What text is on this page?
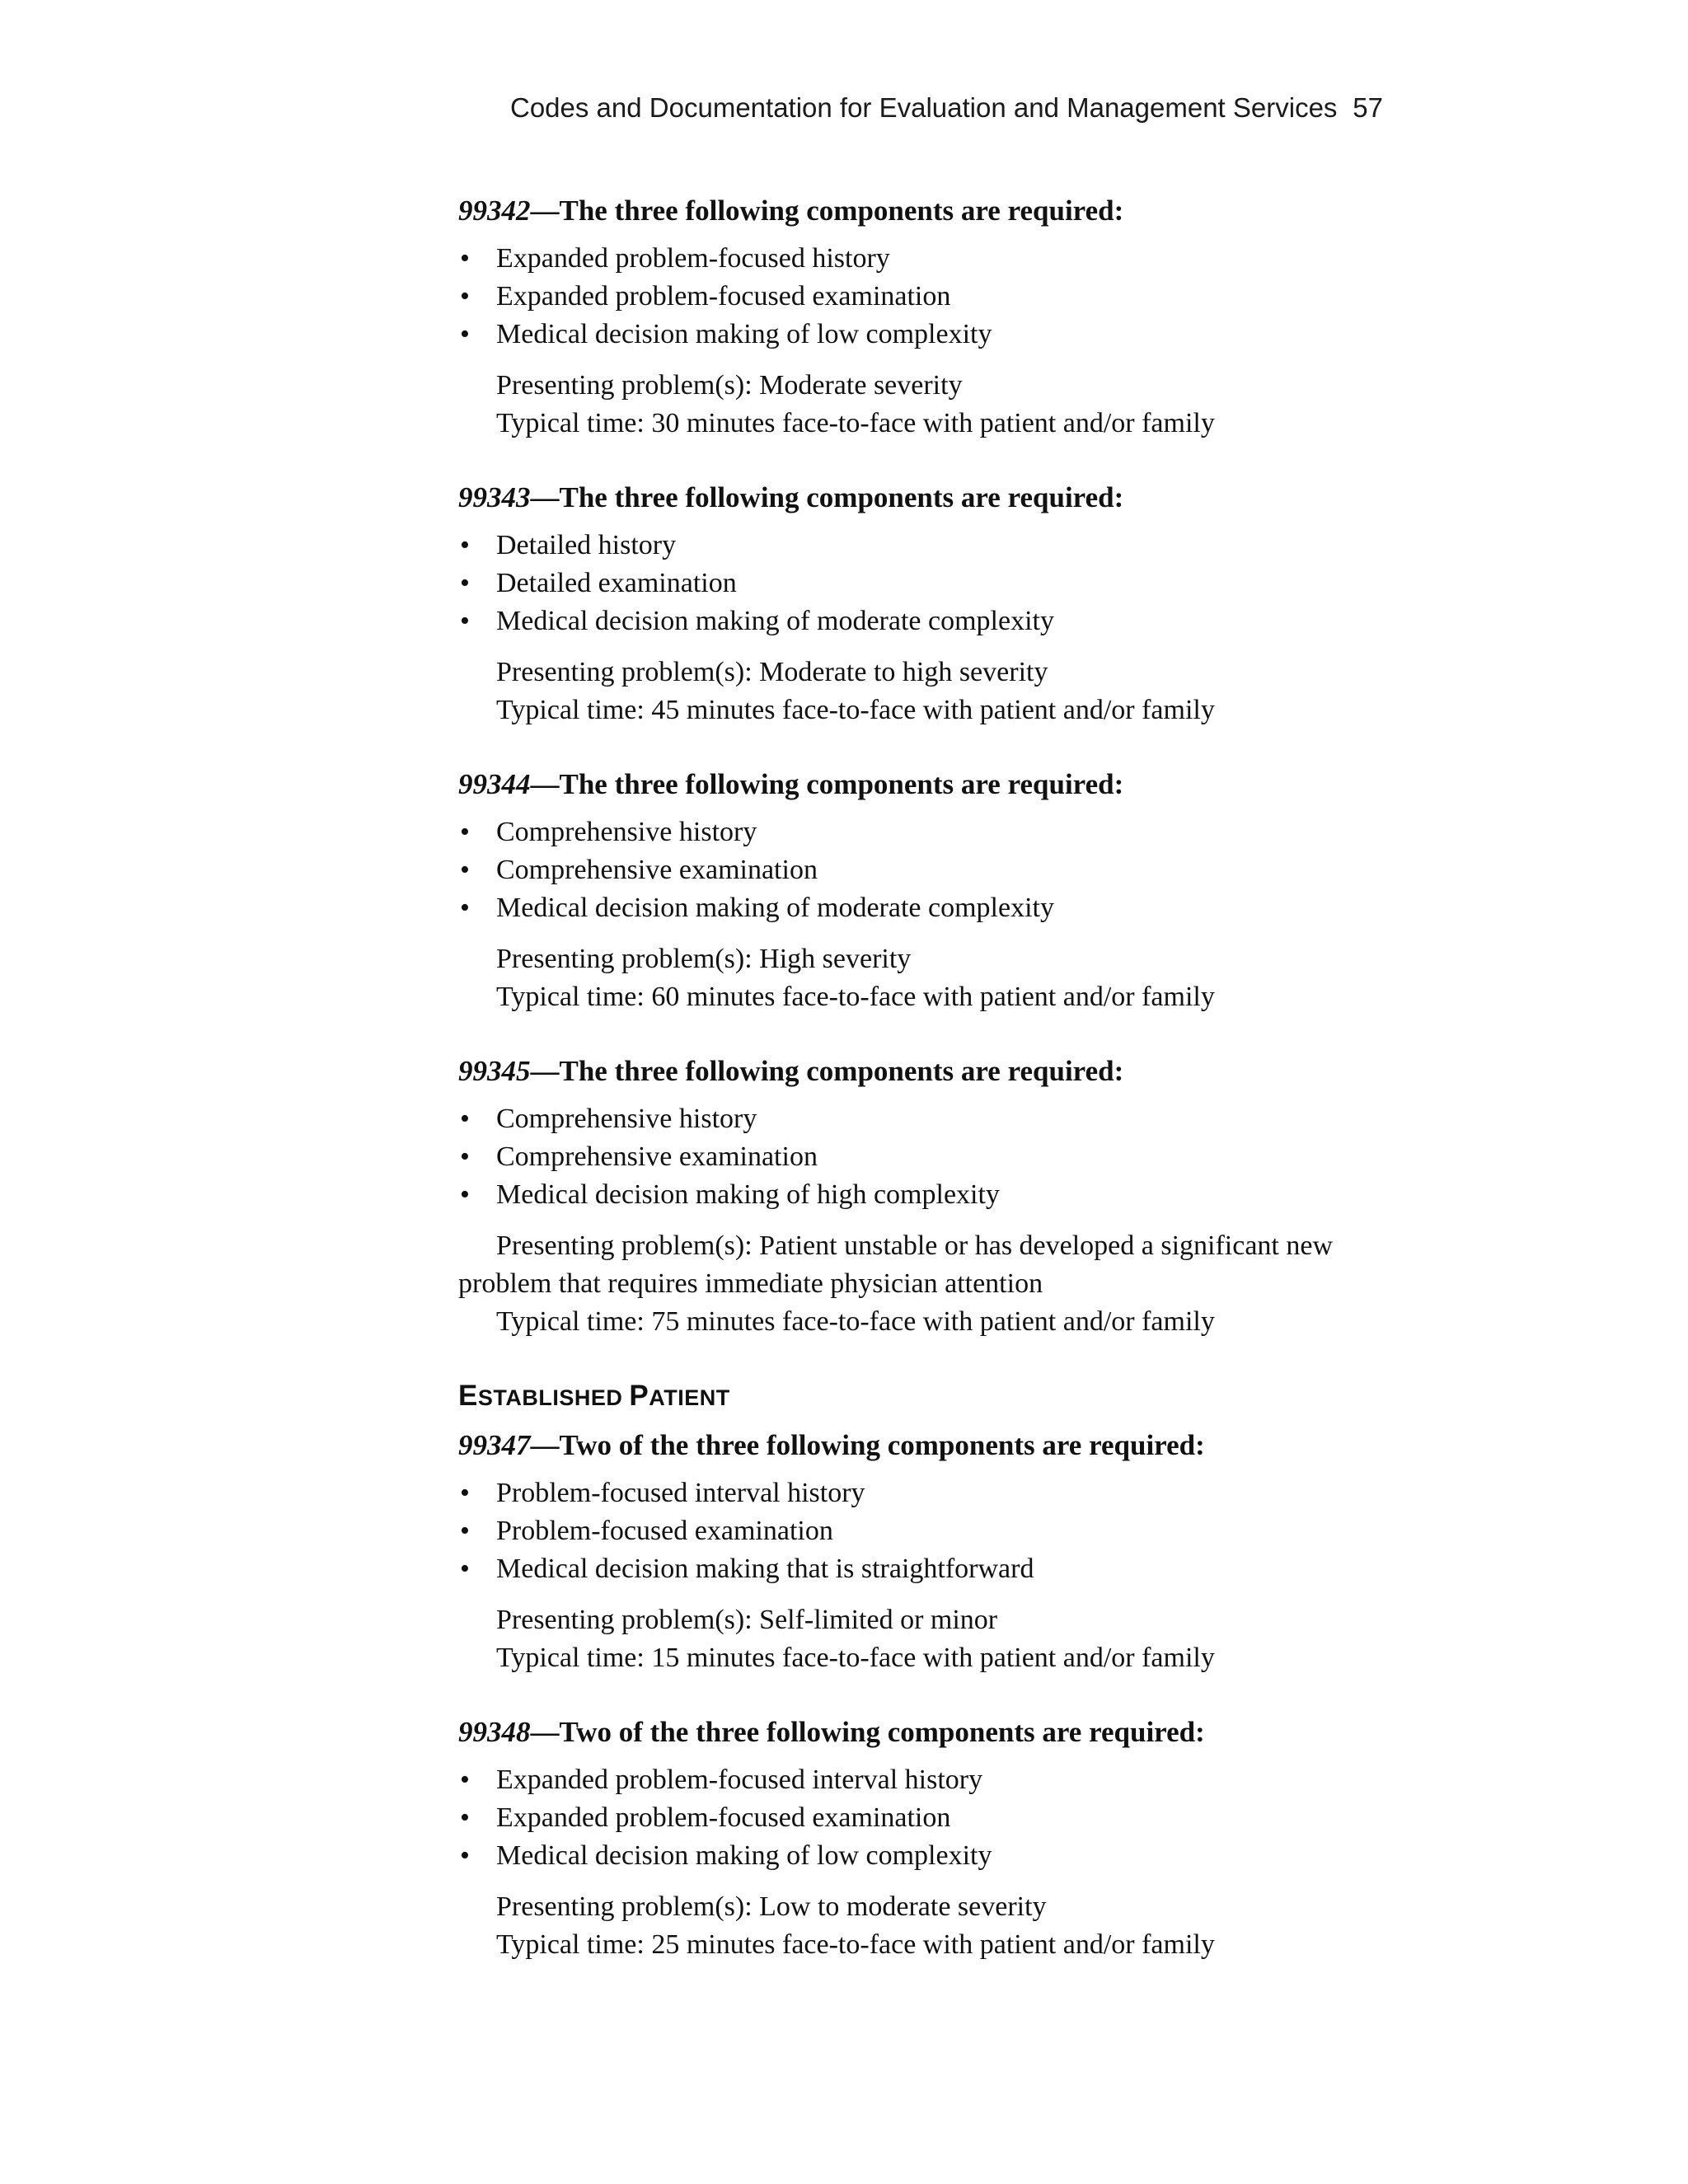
Codes and Documentation for Evaluation and Management Services 57
99342—The three following components are required:
• Expanded problem-focused history
• Expanded problem-focused examination
• Medical decision making of low complexity

Presenting problem(s): Moderate severity

Typical time: 30 minutes face-to-face with patient and/or family

99343—The three following components are required:
• Detailed history
• Detailed examination
• Medical decision making of moderate complexity

Presenting problem(s): Moderate to high severity

Typical time: 45 minutes face-to-face with patient and/or family

99344—The three following components are required:
• Comprehensive history
• Comprehensive examination
• Medical decision making of moderate complexity

Presenting problem(s): High severity

Typical time: 60 minutes face-to-face with patient and/or family

99345—The three following components are required:
• Comprehensive history
• Comprehensive examination
• Medical decision making of high complexity

Presenting problem(s): Patient unstable or has developed a significant new problem that requires immediate physician attention

Typical time: 75 minutes face-to-face with patient and/or family

ESTABLISHED PATIENT
99347—Two of the three following components are required:
• Problem-focused interval history
• Problem-focused examination
• Medical decision making that is straightforward

Presenting problem(s): Self-limited or minor

Typical time: 15 minutes face-to-face with patient and/or family

99348—Two of the three following components are required:
• Expanded problem-focused interval history
• Expanded problem-focused examination
• Medical decision making of low complexity

Presenting problem(s): Low to moderate severity

Typical time: 25 minutes face-to-face with patient and/or family
